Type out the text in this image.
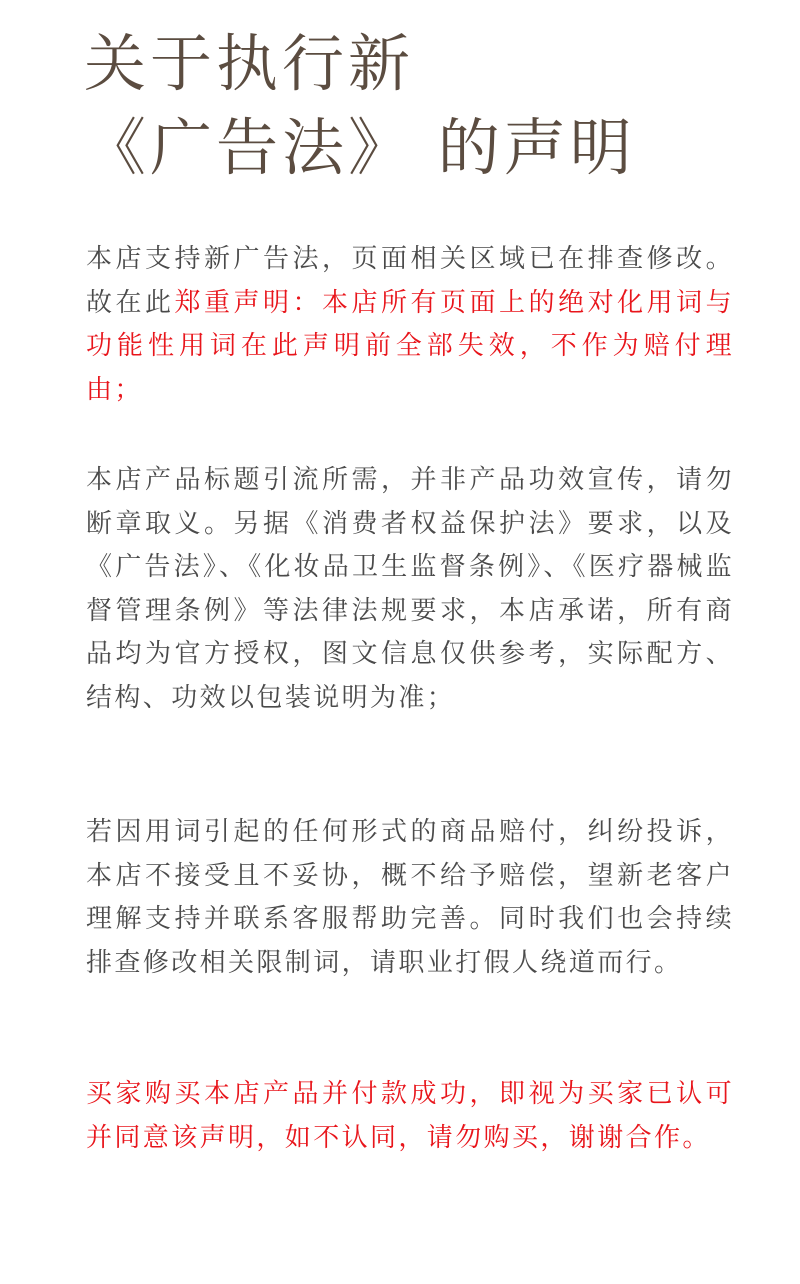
关于执行新
《广告法》 的声明

本店支持新广告法，页面相关区域已在排查修改。故在此郑重声明：本店所有页面上的绝对化用词与功能性用词在此声明前全部失效，不作为赔付理由；

本店产品标题引流所需，并非产品功效宣传，请勿断章取义。另据《消费者权益保护法》要求，以及《广告法》、《化妆品卫生监督条例》、《医疗器械监督管理条例》等法律法规要求，本店承诺，所有商品均为官方授权，图文信息仅供参考，实际配方、结构、功效以包装说明为准；

若因用词引起的任何形式的商品赔付，纠纷投诉，本店不接受且不妥协，概不给予赔偿，望新老客户理解支持并联系客服帮助完善。同时我们也会持续排查修改相关限制词，请职业打假人绕道而行。

买家购买本店产品并付款成功，即视为买家已认可并同意该声明，如不认同，请勿购买，谢谢合作。
